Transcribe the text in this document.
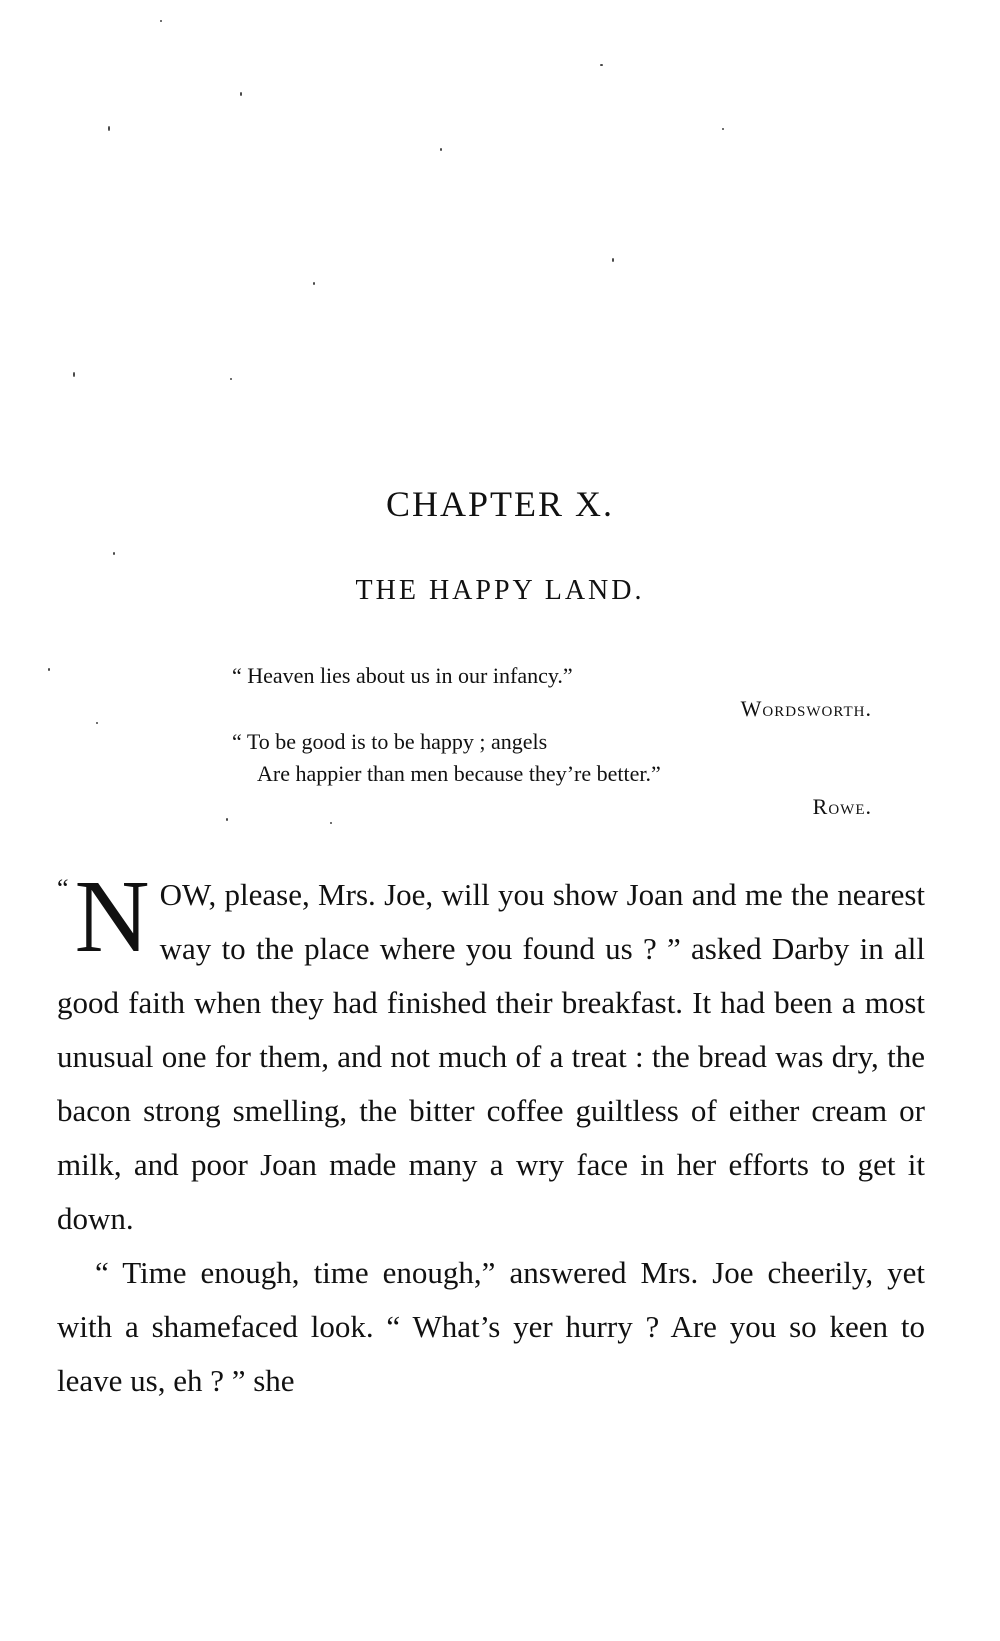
CHAPTER X.
THE HAPPY LAND.
“ Heaven lies about us in our infancy.”
Wordsworth.
“ To be good is to be happy ; angels
Are happier than men because they’re better.”
Rowe.

“ N OW, please, Mrs. Joe, will you show Joan and me the nearest way to the place where you found us ? ” asked Darby in all good faith when they had finished their breakfast. It had been a most unusual one for them, and not much of a treat : the bread was dry, the bacon strong smelling, the bitter coffee guiltless of either cream or milk, and poor Joan made many a wry face in her efforts to get it down.

“ Time enough, time enough,” answered Mrs. Joe cheerily, yet with a shamefaced look. “ What’s yer hurry ? Are you so keen to leave us, eh ? ” she
